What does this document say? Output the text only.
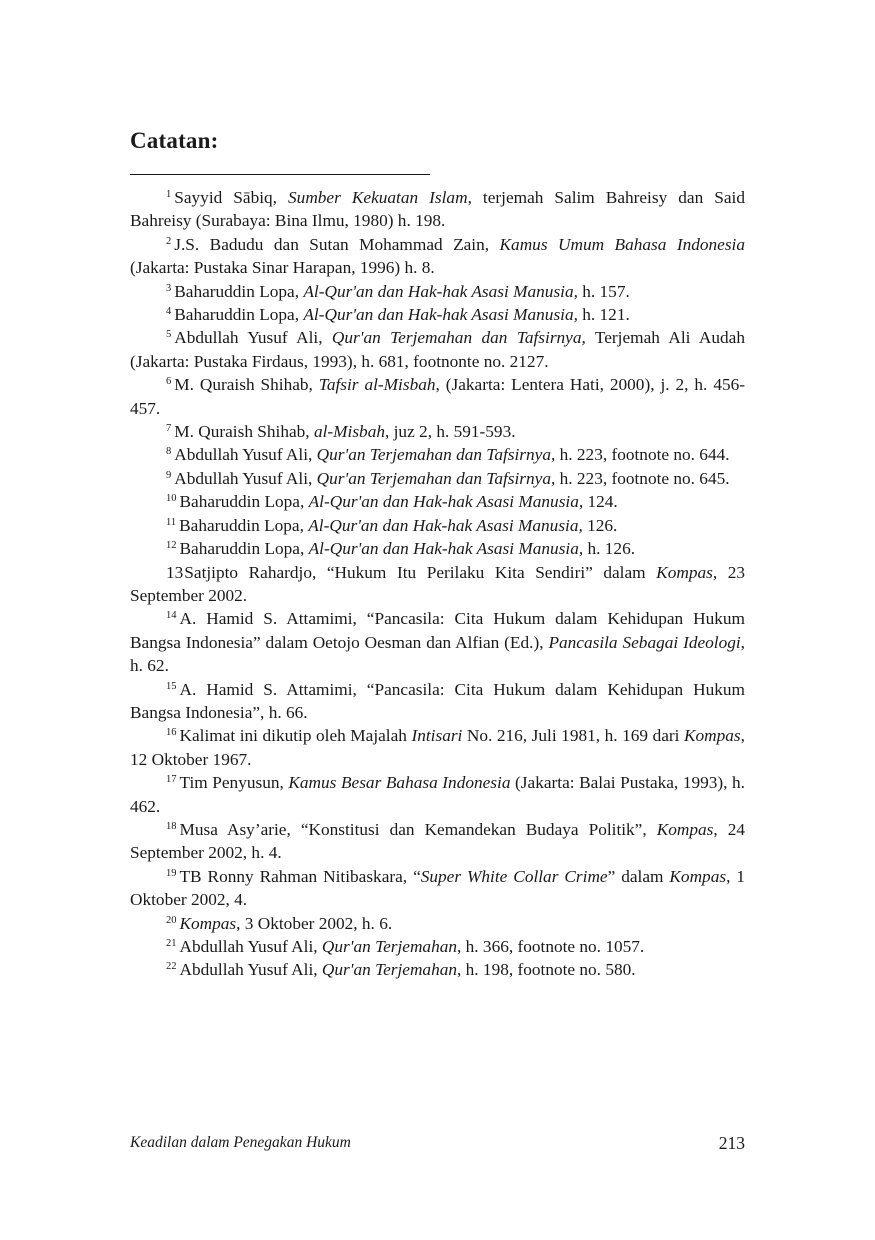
Catatan:

$^1$ Sayyid Sābiq, Sumber Kekuatan Islam, terjemah Salim Bahreisy dan Said Bahreisy (Surabaya: Bina Ilmu, 1980) h. 198.

$^2$ J.S. Badudu dan Sutan Mohammad Zain, Kamus Umum Bahasa Indonesia (Jakarta: Pustaka Sinar Harapan, 1996) h. 8.

$^3$ Baharuddin Lopa, Al-Qur'an dan Hak-hak Asasi Manusia, h. 157.

$^4$ Baharuddin Lopa, Al-Qur'an dan Hak-hak Asasi Manusia, h. 121.

$^5$ Abdullah Yusuf Ali, Qur'an Terjemahan dan Tafsirnya, Terjemah Ali Audah (Jakarta: Pustaka Firdaus, 1993), h. 681, footnonte no. 2127.

$^6$ M. Quraish Shihab, Tafsir al-Misbah, (Jakarta: Lentera Hati, 2000), j. 2, h. 456-457.

$^7$ M. Quraish Shihab, al-Misbah, juz 2, h. 591-593.

$^8$ Abdullah Yusuf Ali, Qur'an Terjemahan dan Tafsirnya, h. 223, footnote no. 644.

$^9$ Abdullah Yusuf Ali, Qur'an Terjemahan dan Tafsirnya, h. 223, footnote no. 645.

$^{10}$ Baharuddin Lopa, Al-Qur'an dan Hak-hak Asasi Manusia, 124.

$^{11}$ Baharuddin Lopa, Al-Qur'an dan Hak-hak Asasi Manusia, 126.

$^{12}$ Baharuddin Lopa, Al-Qur'an dan Hak-hak Asasi Manusia, h. 126.

13Satjipto Rahardjo, “Hukum Itu Perilaku Kita Sendiri” dalam Kompas, 23 September 2002.

$^{14}$ A. Hamid S. Attamimi, “Pancasila: Cita Hukum dalam Kehidupan Hukum Bangsa Indonesia” dalam Oetojo Oesman dan Alfian (Ed.), Pancasila Sebagai Ideologi, h. 62.

$^{15}$ A. Hamid S. Attamimi, “Pancasila: Cita Hukum dalam Kehidupan Hukum Bangsa Indonesia”, h. 66.

$^{16}$ Kalimat ini dikutip oleh Majalah Intisari No. 216, Juli 1981, h. 169 dari Kompas, 12 Oktober 1967.

$^{17}$ Tim Penyusun, Kamus Besar Bahasa Indonesia (Jakarta: Balai Pustaka, 1993), h. 462.

$^{18}$ Musa Asy’arie, “Konstitusi dan Kemandekan Budaya Politik”, Kompas, 24 September 2002, h. 4.

$^{19}$ TB Ronny Rahman Nitibaskara, “Super White Collar Crime” dalam Kompas, 1 Oktober 2002, 4.

$^{20}$ Kompas, 3 Oktober 2002, h. 6.

$^{21}$ Abdullah Yusuf Ali, Qur'an Terjemahan, h. 366, footnote no. 1057.

$^{22}$ Abdullah Yusuf Ali, Qur'an Terjemahan, h. 198, footnote no. 580.

Keadilan dalam Penegakan Hukum	213
